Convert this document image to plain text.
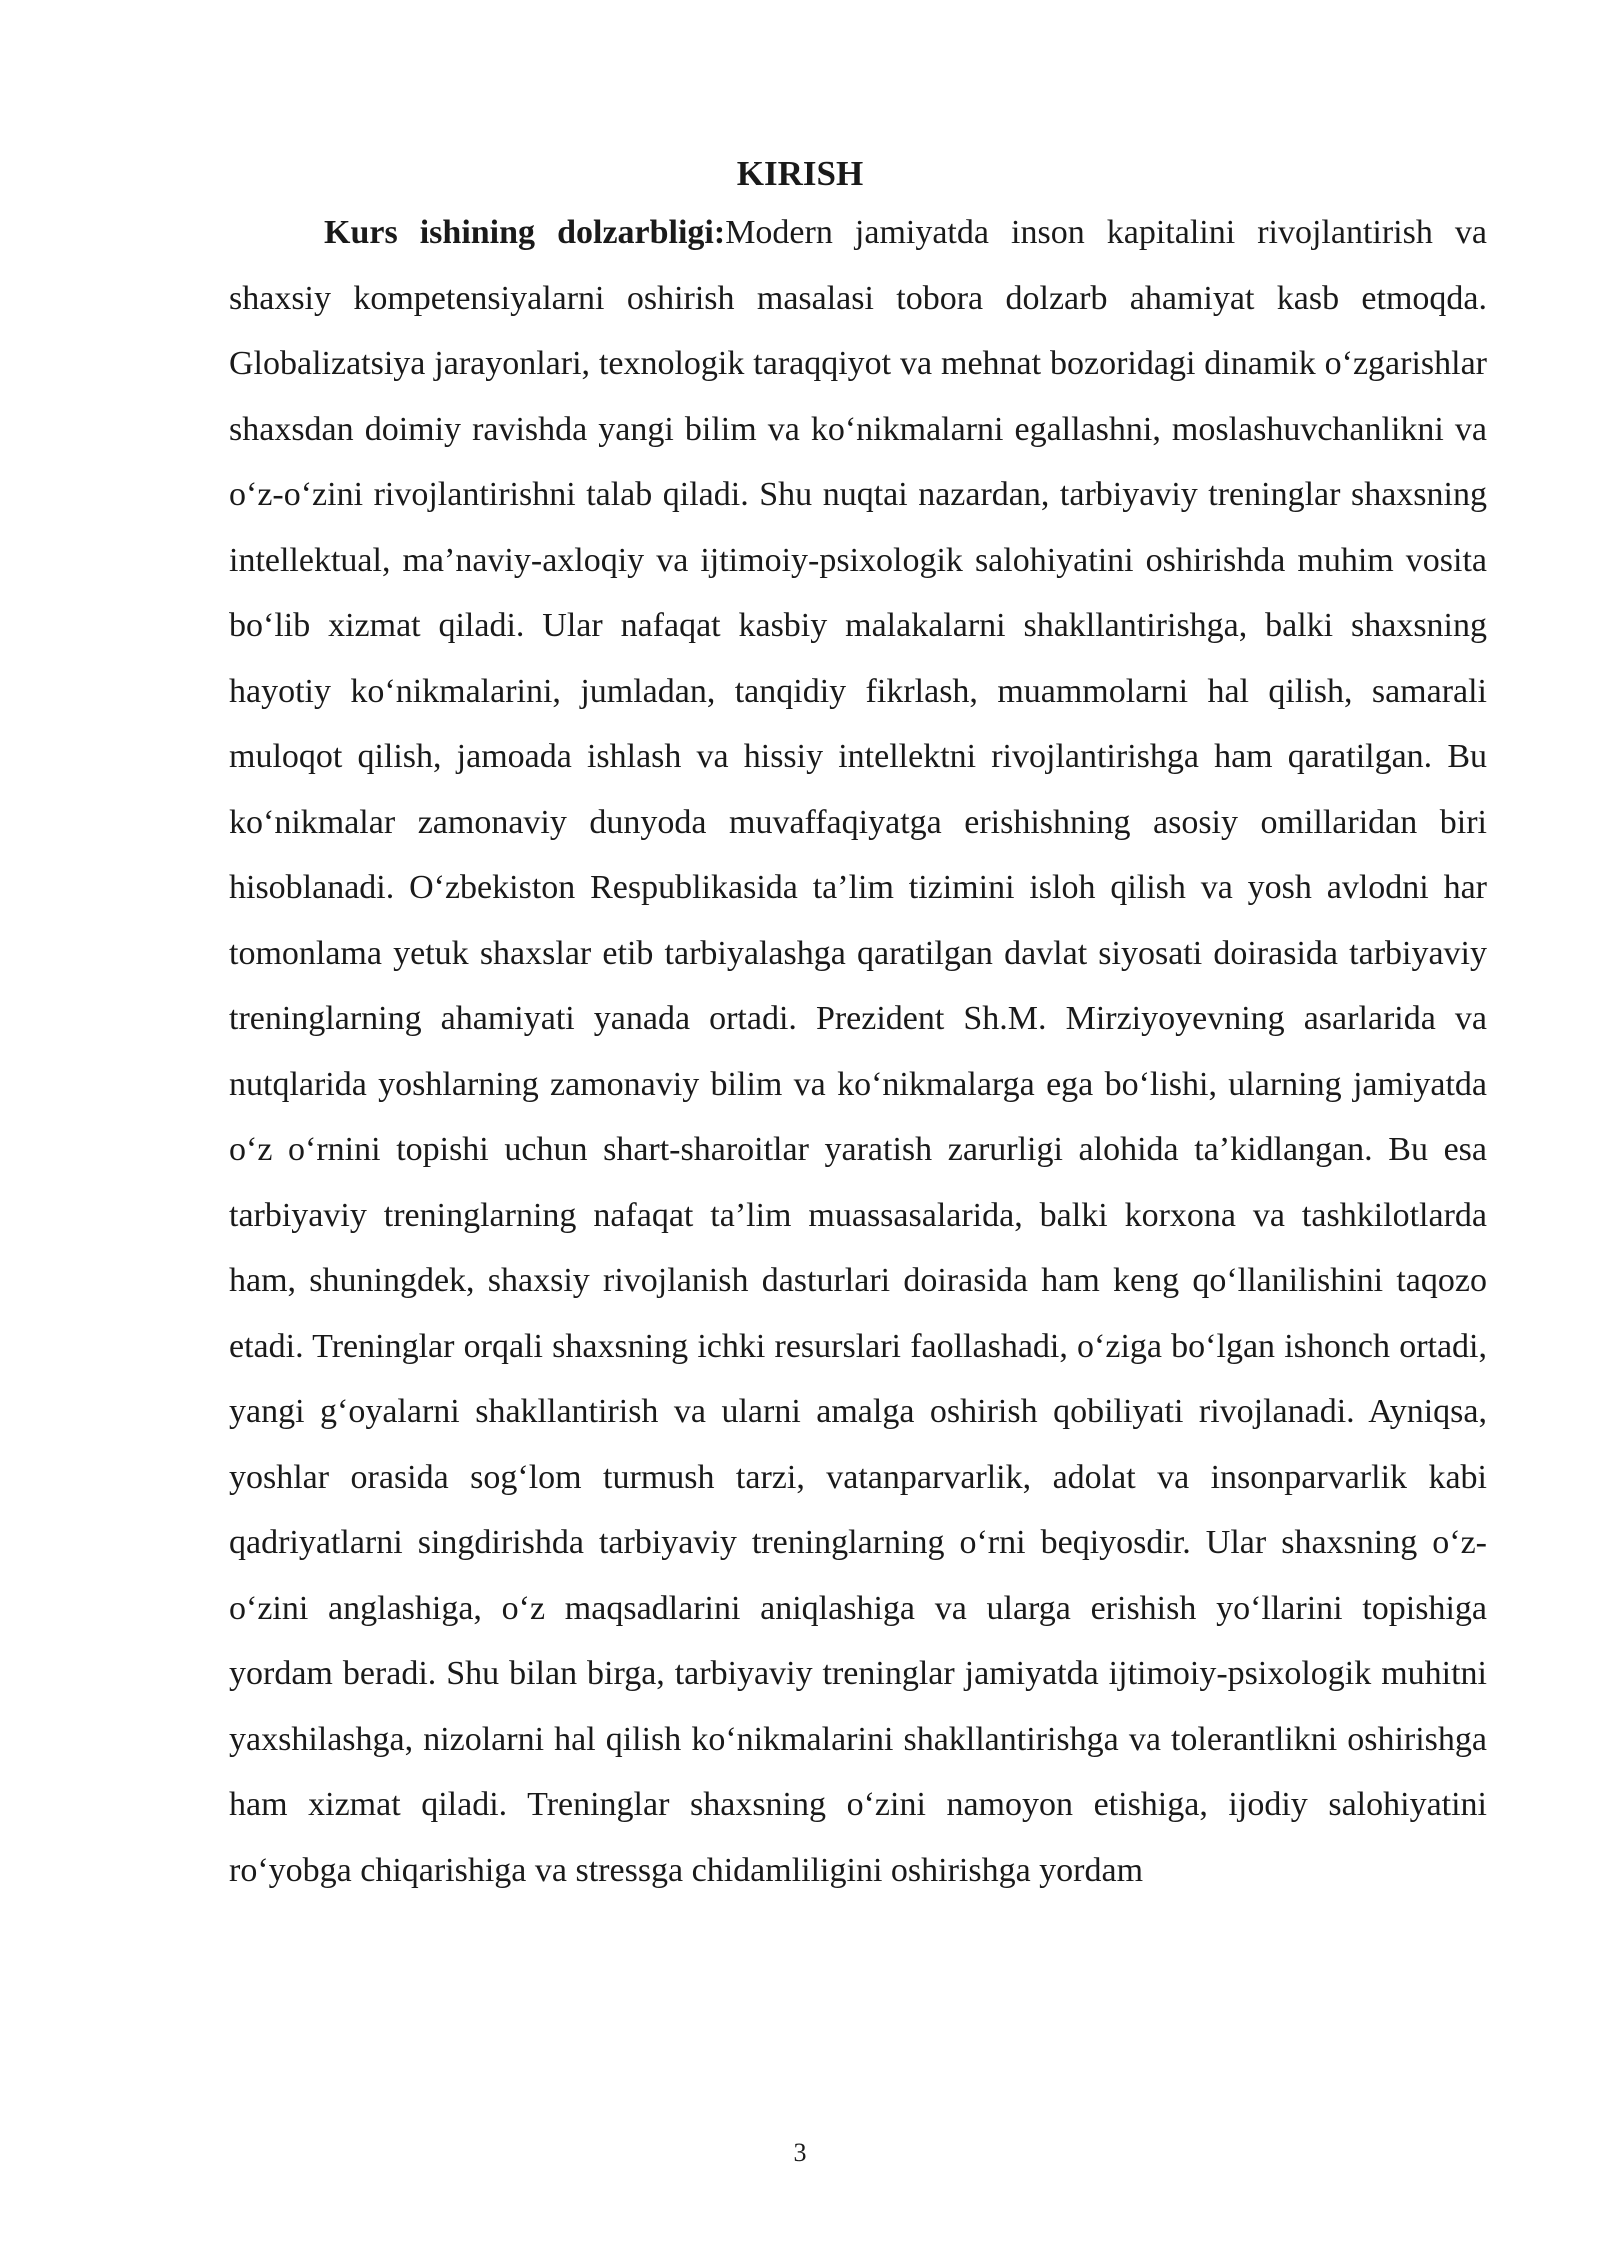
KIRISH

Kurs ishining dolzarbligi:Modern jamiyatda inson kapitalini rivojlantirish va shaxsiy kompetensiyalarni oshirish masalasi tobora dolzarb ahamiyat kasb etmoqda. Globalizatsiya jarayonlari, texnologik taraqqiyot va mehnat bozoridagi dinamik o‘zgarishlar shaxsdan doimiy ravishda yangi bilim va ko‘nikmalarni egallashni, moslashuvchanlikni va o‘z-o‘zini rivojlantirishni talab qiladi. Shu nuqtai nazardan, tarbiyaviy treninglar shaxsning intellektual, ma’naviy-axloqiy va ijtimoiy-psixologik salohiyatini oshirishda muhim vosita bo‘lib xizmat qiladi. Ular nafaqat kasbiy malakalarni shakllantirishga, balki shaxsning hayotiy ko‘nikmalarini, jumladan, tanqidiy fikrlash, muammolarni hal qilish, samarali muloqot qilish, jamoada ishlash va hissiy intellektni rivojlantirishga ham qaratilgan. Bu ko‘nikmalar zamonaviy dunyoda muvaffaqiyatga erishishning asosiy omillaridan biri hisoblanadi. O‘zbekiston Respublikasida ta’lim tizimini isloh qilish va yosh avlodni har tomonlama yetuk shaxslar etib tarbiyalashga qaratilgan davlat siyosati doirasida tarbiyaviy treninglarning ahamiyati yanada ortadi. Prezident Sh.M. Mirziyoyevning asarlarida va nutqlarida yoshlarning zamonaviy bilim va ko‘nikmalarga ega bo‘lishi, ularning jamiyatda o‘z o‘rnini topishi uchun shart-sharoitlar yaratish zarurligi alohida ta’kidlangan. Bu esa tarbiyaviy treninglarning nafaqat ta’lim muassasalarida, balki korxona va tashkilotlarda ham, shuningdek, shaxsiy rivojlanish dasturlari doirasida ham keng qo‘llanilishini taqozo etadi. Treninglar orqali shaxsning ichki resurslari faollashadi, o‘ziga bo‘lgan ishonch ortadi, yangi g‘oyalarni shakllantirish va ularni amalga oshirish qobiliyati rivojlanadi. Ayniqsa, yoshlar orasida sog‘lom turmush tarzi, vatanparvarlik, adolat va insonparvarlik kabi qadriyatlarni singdirishda tarbiyaviy treninglarning o‘rni beqiyosdir. Ular shaxsning o‘z-o‘zini anglashiga, o‘z maqsadlarini aniqlashiga va ularga erishish yo‘llarini topishiga yordam beradi. Shu bilan birga, tarbiyaviy treninglar jamiyatda ijtimoiy-psixologik muhitni yaxshilashga, nizolarni hal qilish ko‘nikmalarini shakllantirishga va tolerantlikni oshirishga ham xizmat qiladi. Treninglar shaxsning o‘zini namoyon etishiga, ijodiy salohiyatini ro‘yobga chiqarishiga va stressga chidamliligini oshirishga yordam

3
